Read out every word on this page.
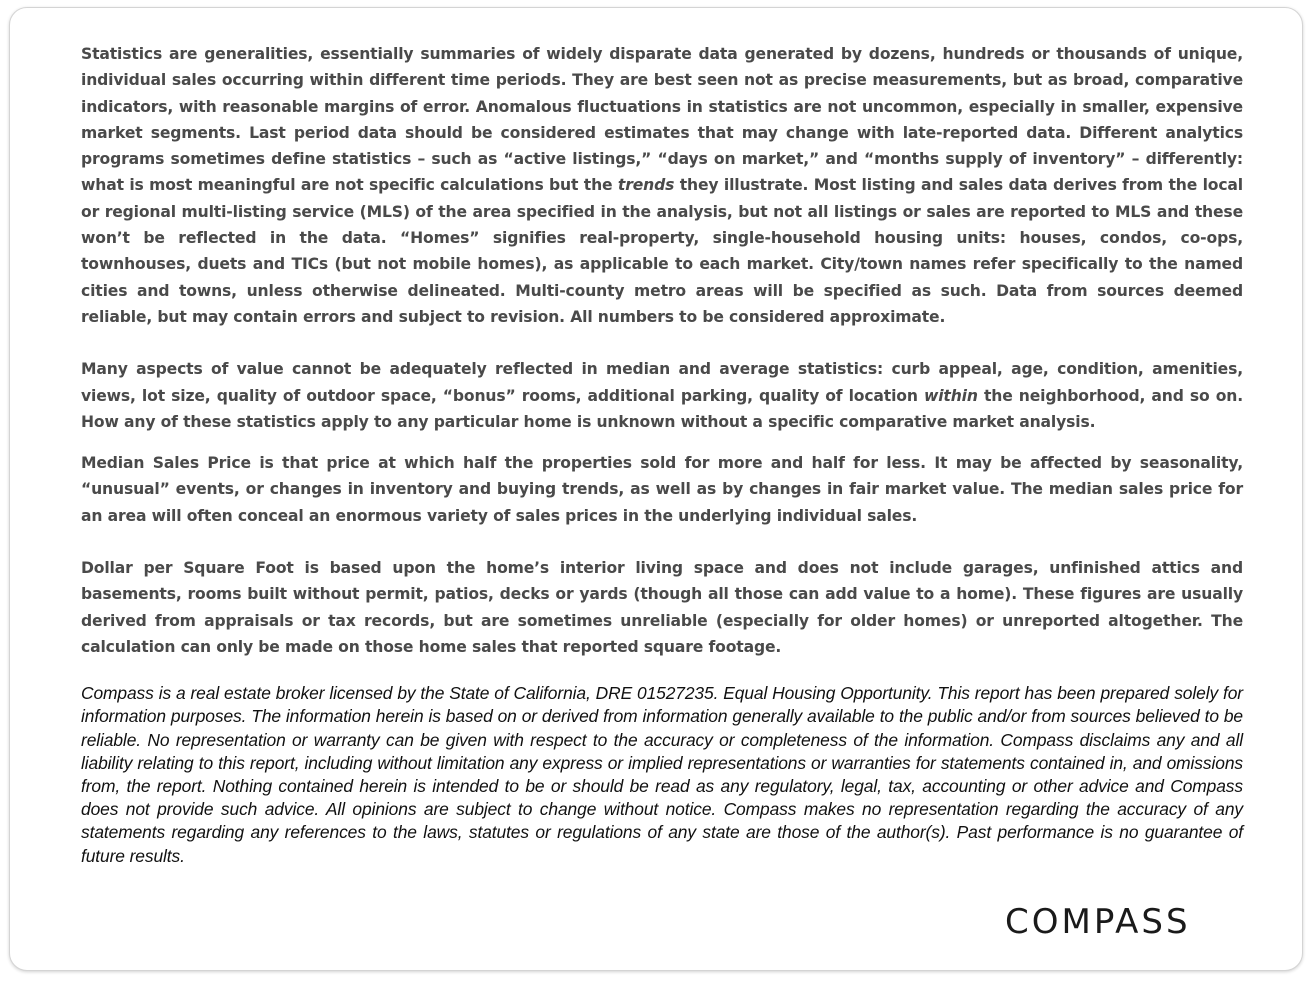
Statistics are generalities, essentially summaries of widely disparate data generated by dozens, hundreds or thousands of unique, individual sales occurring within different time periods. They are best seen not as precise measurements, but as broad, comparative indicators, with reasonable margins of error. Anomalous fluctuations in statistics are not uncommon, especially in smaller, expensive market segments. Last period data should be considered estimates that may change with late-reported data. Different analytics programs sometimes define statistics – such as “active listings,” “days on market,” and “months supply of inventory” – differently: what is most meaningful are not specific calculations but the trends they illustrate. Most listing and sales data derives from the local or regional multi-listing service (MLS) of the area specified in the analysis, but not all listings or sales are reported to MLS and these won’t be reflected in the data. “Homes” signifies real-property, single-household housing units: houses, condos, co-ops, townhouses, duets and TICs (but not mobile homes), as applicable to each market. City/town names refer specifically to the named cities and towns, unless otherwise delineated. Multi-county metro areas will be specified as such. Data from sources deemed reliable, but may contain errors and subject to revision. All numbers to be considered approximate.

Many aspects of value cannot be adequately reflected in median and average statistics: curb appeal, age, condition, amenities, views, lot size, quality of outdoor space, “bonus” rooms, additional parking, quality of location within the neighborhood, and so on. How any of these statistics apply to any particular home is unknown without a specific comparative market analysis.

Median Sales Price is that price at which half the properties sold for more and half for less. It may be affected by seasonality, “unusual” events, or changes in inventory and buying trends, as well as by changes in fair market value. The median sales price for an area will often conceal an enormous variety of sales prices in the underlying individual sales.

Dollar per Square Foot is based upon the home’s interior living space and does not include garages, unfinished attics and basements, rooms built without permit, patios, decks or yards (though all those can add value to a home). These figures are usually derived from appraisals or tax records, but are sometimes unreliable (especially for older homes) or unreported altogether. The calculation can only be made on those home sales that reported square footage.

Compass is a real estate broker licensed by the State of California, DRE 01527235. Equal Housing Opportunity. This report has been prepared solely for information purposes. The information herein is based on or derived from information generally available to the public and/or from sources believed to be reliable. No representation or warranty can be given with respect to the accuracy or completeness of the information. Compass disclaims any and all liability relating to this report, including without limitation any express or implied representations or warranties for statements contained in, and omissions from, the report. Nothing contained herein is intended to be or should be read as any regulatory, legal, tax, accounting or other advice and Compass does not provide such advice. All opinions are subject to change without notice. Compass makes no representation regarding the accuracy of any statements regarding any references to the laws, statutes or regulations of any state are those of the author(s). Past performance is no guarantee of future results.

COMPASS
